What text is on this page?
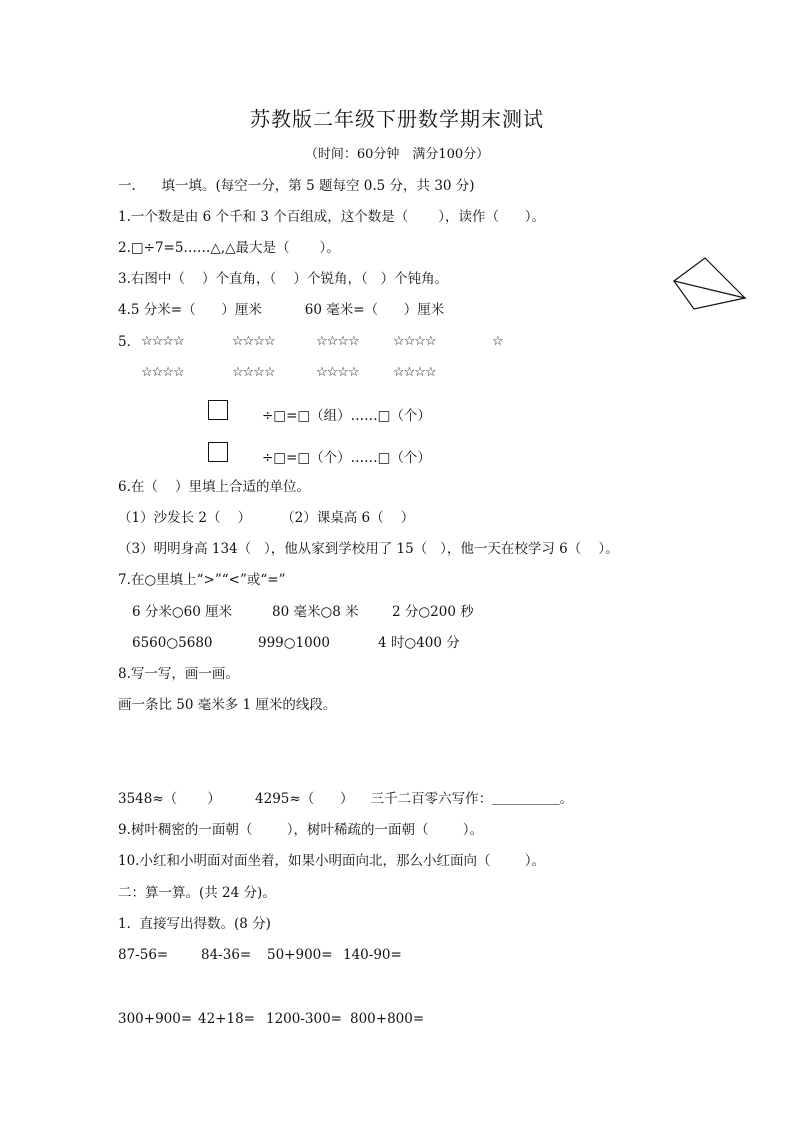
苏教版二年级下册数学期末测试
（时间：60分钟　满分100分）
一.      填一填。(每空一分，第 5 题每空 0.5 分，共 30 分)
1.一个数是由 6 个千和 3 个百组成，这个数是（       ），读作（      ）。
2.□÷7=5……△,△最大是（       ）。
3.右图中（    ）个直角，（    ）个锐角，（   ）个钝角。
4.5 分米=（      ）厘米          60 毫米=（      ）厘米
5． ☆☆☆☆	☆☆☆☆	☆☆☆☆	☆☆☆☆	☆
☆☆☆☆	☆☆☆☆	☆☆☆☆	☆☆☆☆
÷□=□（组）……□（个）
÷□=□（个）……□（个）
6.在（    ）里填上合适的单位。
（1）沙发长 2（    ）       （2）课桌高 6（    ）
（3）明明身高 134（   ），他从家到学校用了 15（   ），他一天在校学习 6（    ）。
7.在○里填上“>”“<”或“=”
6 分米○60 厘米	80 毫米○8 米 2 分○200 秒
6560○5680	999○1000	4 时○400 分
8.写一写，画一画。
画一条比 50 毫米多 1 厘米的线段。
3548≈（       ）        4295≈（      ）    三千二百零六写作：＿＿＿＿＿。
9.树叶稠密的一面朝（        ），树叶稀疏的一面朝（        ）。
10.小红和小明面对面坐着，如果小明面向北，那么小红面向（        ）。
二：算一算。(共 24 分)。
1.  直接写出得数。(8 分)
87-56= 84-36= 50+900= 140-90=
300+900= 42+18= 1200-300= 800+800=
